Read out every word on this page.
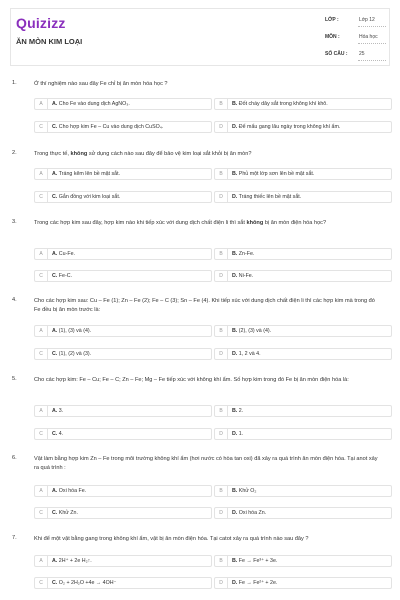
Quizizz
ĂN MÒN KIM LOẠI
LỚP :	Lớp 12
MÔN :	Hóa học
SỐ CÂU : 25
1.	Ở thí nghiệm nào sau đây Fe chỉ bị ăn mòn hóa học ?
A	A. Cho Fe vào dung dịch AgNO₃.	B	B. Đốt cháy dây sắt trong không khí khô.
C	C. Cho hợp kim Fe – Cu vào dung dịch CuSO₄.	D	D. Để mẩu gang lâu ngày trong không khí ẩm.
2.	Trong thực tế, không sử dụng cách nào sau đây để bảo vệ kim loại sắt khỏi bị ăn mòn?
A	A. Tráng kẽm lên bề mặt sắt.	B	B. Phủ một lớp sơn lên bề mặt sắt.
C	C. Gắn đồng với kim loại sắt.	D	D. Tráng thiếc lên bề mặt sắt.
3.	Trong các hợp kim sau đây, hợp kim nào khi tiếp xúc với dung dịch chất điện li thì sắt không bị ăn mòn điện hóa học?
A	A. Cu-Fe.	B	B. Zn-Fe.
C	C. Fe-C.	D	D. Ni-Fe.
4.	Cho các hợp kim sau: Cu – Fe (1); Zn – Fe (2); Fe – C (3); Sn – Fe (4). Khi tiếp xúc với dung dịch chất điện li thì các hợp kim mà trong đó Fe đều bị ăn mòn trước là:
A	A. (1), (3) và (4).	B	B. (2), (3) và (4).
C	C. (1), (2) và (3).	D	D. 1, 2 và 4.
5.	Cho các hợp kim: Fe – Cu; Fe – C; Zn – Fe; Mg – Fe tiếp xúc với không khí ẩm. Số hợp kim trong đó Fe bị ăn mòn điện hóa là:
A	A. 3.	B	B. 2.
C	C. 4.	D	D. 1.
6.	Vật làm bằng hợp kim Zn – Fe trong môi trường không khí ẩm (hơi nước có hòa tan oxi) đã xảy ra quá trình ăn mòn điện hóa. Tại anot xảy ra quá trình :
A	A. Oxi hóa Fe.	B	B. Khử O₂
C	C. Khử Zn.	D	D. Oxi hóa Zn.
7.	Khi để một vật bằng gang trong không khí ẩm, vật bị ăn mòn điện hóa. Tại catot xảy ra quá trình nào sau đây ?
A	A. 2H⁺ + 2e H₂↑.	B	B. Fe → Fe³⁺ + 3e.
C	C. O₂ + 2H₂O +4e → 4OH⁻	D	D. Fe → Fe²⁺ + 2e.
